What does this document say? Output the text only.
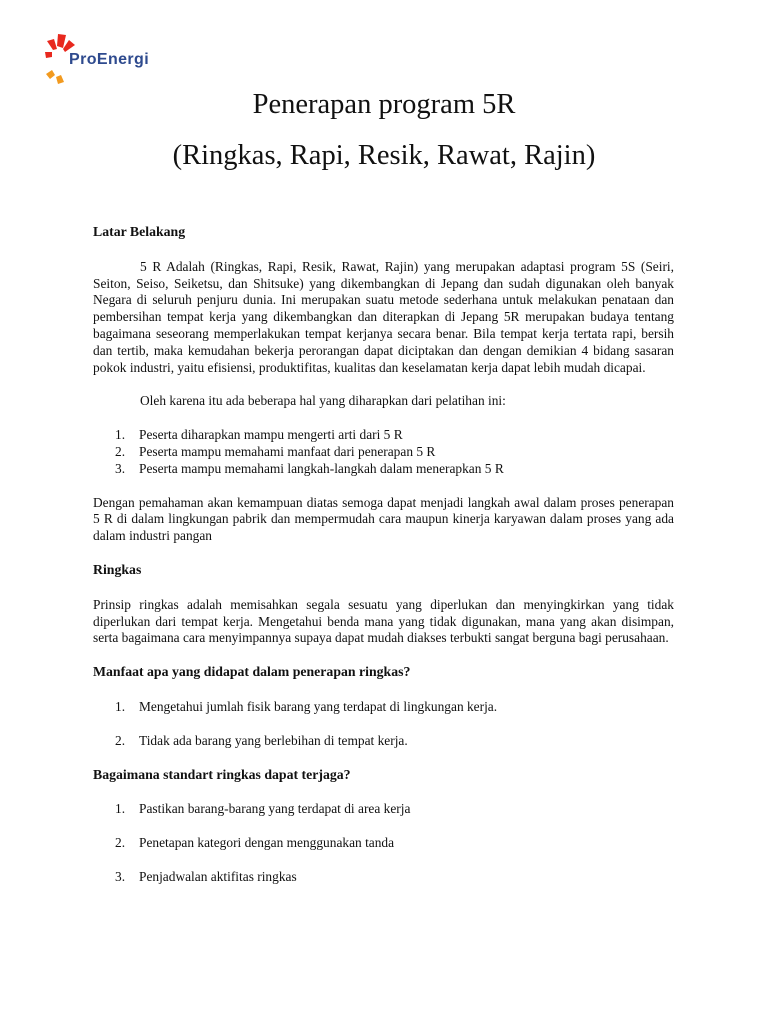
ProEnergi
Penerapan program 5R
(Ringkas, Rapi, Resik, Rawat, Rajin)
Latar Belakang

5 R Adalah (Ringkas, Rapi, Resik, Rawat, Rajin) yang merupakan adaptasi program 5S (Seiri, Seiton, Seiso, Seiketsu, dan Shitsuke) yang dikembangkan di Jepang dan sudah digunakan oleh banyak Negara di seluruh penjuru dunia. Ini merupakan suatu metode sederhana untuk melakukan penataan dan pembersihan tempat kerja yang dikembangkan dan diterapkan di Jepang 5R merupakan budaya tentang bagaimana seseorang memperlakukan tempat kerjanya secara benar. Bila tempat kerja tertata rapi, bersih dan tertib, maka kemudahan bekerja perorangan dapat diciptakan dan dengan demikian 4 bidang sasaran pokok industri, yaitu efisiensi, produktifitas, kualitas dan keselamatan kerja dapat lebih mudah dicapai.

Oleh karena itu ada beberapa hal yang diharapkan dari pelatihan ini:

1. Peserta diharapkan mampu mengerti arti dari 5 R
2. Peserta mampu memahami manfaat dari penerapan 5 R
3. Peserta mampu memahami langkah-langkah dalam menerapkan 5 R

Dengan pemahaman akan kemampuan diatas semoga dapat menjadi langkah awal dalam proses penerapan 5 R di dalam lingkungan pabrik dan mempermudah cara maupun kinerja karyawan dalam proses yang ada dalam industri pangan

Ringkas

Prinsip ringkas adalah memisahkan segala sesuatu yang diperlukan dan menyingkirkan yang tidak diperlukan dari tempat kerja. Mengetahui benda mana yang tidak digunakan, mana yang akan disimpan, serta bagaimana cara menyimpannya supaya dapat mudah diakses terbukti sangat berguna bagi perusahaan.

Manfaat apa yang didapat dalam penerapan ringkas?
1. Mengetahui jumlah fisik barang yang terdapat di lingkungan kerja.
2. Tidak ada barang yang berlebihan di tempat kerja.
Bagaimana standart ringkas dapat terjaga?
1. Pastikan barang-barang yang terdapat di area kerja
2. Penetapan kategori dengan menggunakan tanda
3. Penjadwalan aktifitas ringkas
